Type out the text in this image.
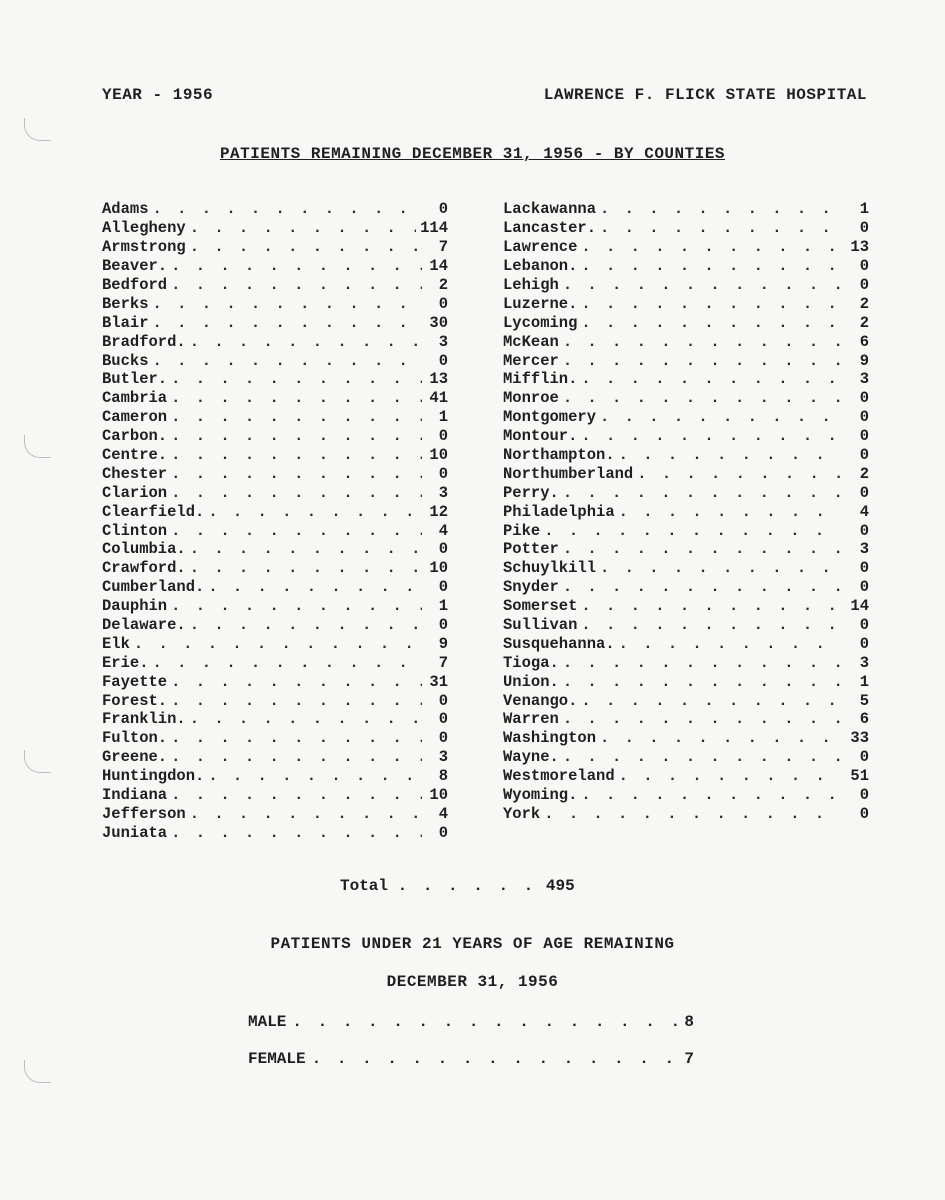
YEAR - 1956	LAWRENCE F. FLICK STATE HOSPITAL
PATIENTS REMAINING DECEMBER 31, 1956 - BY COUNTIES
Adams . . .	0
Allegheny . . .	114
Armstrong . . .	7
Beaver. . . .	14
Bedford . . .	2
Berks . . .	0
Blair . . .	30
Bradford. . . .	3
Bucks . . .	0
Butler. . . .	13
Cambria . . .	41
Cameron . . .	1
Carbon. . . .	0
Centre. . . .	10
Chester . . .	0
Clarion . . .	3
Clearfield. . . .	12
Clinton . . .	4
Columbia. . . .	0
Crawford. . . .	10
Cumberland. . . .	0
Dauphin . . .	1
Delaware. . . .	0
Elk . . .	9
Erie. . . .	7
Fayette . . .	31
Forest. . . .	0
Franklin. . . .	0
Fulton. . . .	0
Greene. . . .	3
Huntingdon. . . .	8
Indiana . . .	10
Jefferson . . .	4
Juniata . . .	0
Lackawanna . . .	1
Lancaster. . . .	0
Lawrence . . .	13
Lebanon. . . .	0
Lehigh . . .	0
Luzerne. . . .	2
Lycoming . . .	2
McKean . . .	6
Mercer . . .	9
Mifflin. . . .	3
Monroe . . .	0
Montgomery . . .	0
Montour. . . .	0
Northampton. . . .	0
Northumberland . . .	2
Perry. . . .	0
Philadelphia . . .	4
Pike . . .	0
Potter . . .	3
Schuylkill . . .	0
Snyder . . .	0
Somerset . . .	14
Sullivan . . .	0
Susquehanna. . . .	0
Tioga. . . .	3
Union. . . .	1
Venango. . . .	5
Warren . . .	6
Washington . . .	33
Wayne. . . .	0
Westmoreland . . .	51
Wyoming. . . .	0
York . . .	0
Total . . . . . . 495
PATIENTS UNDER 21 YEARS OF AGE REMAINING
DECEMBER 31, 1956
MALE . . .	8
FEMALE . . .	7
